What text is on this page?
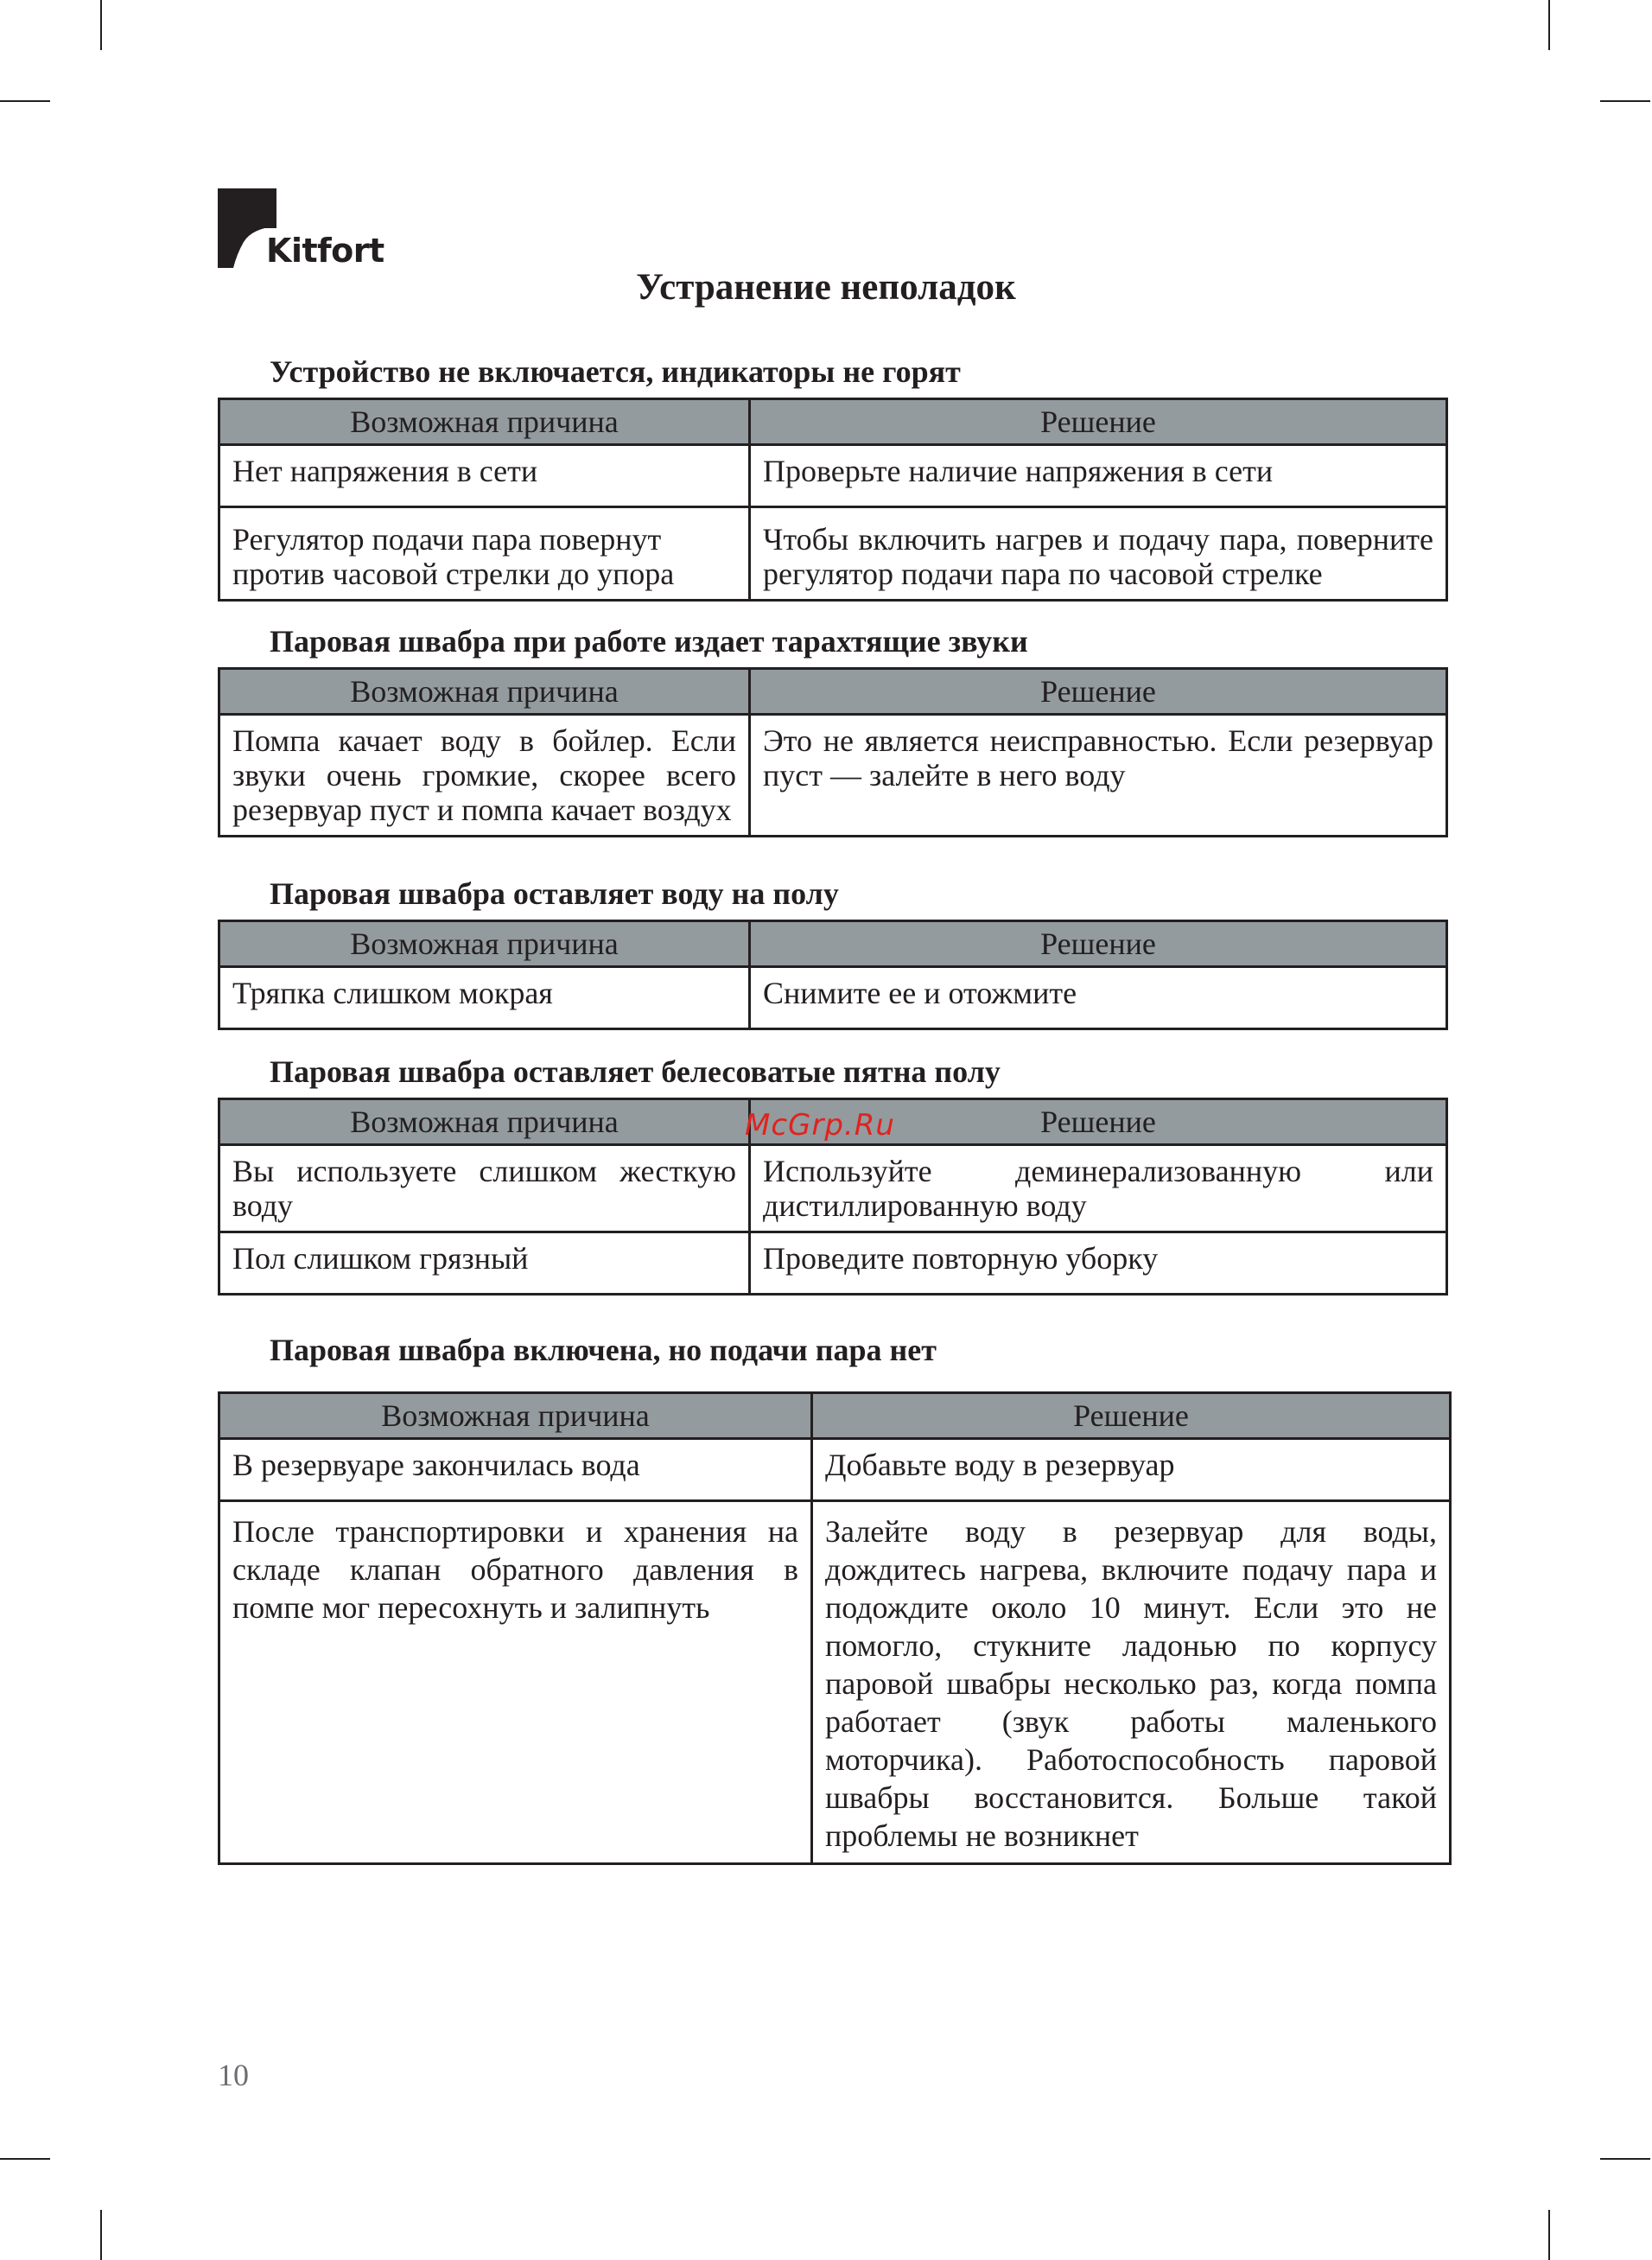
Kitfort
Устранение неполадок
Устройство не включается, индикаторы не горят
Возможная причина	Решение
Нет напряжения в сети	Проверьте наличие напряжения в сети
Регулятор подачи пара повернут против часовой стрелки до упора	Чтобы включить нагрев и подачу пара, поверните регулятор подачи пара по часовой стрелке
Паровая швабра при работе издает тарахтящие звуки
Возможная причина	Решение
Помпа качает воду в бойлер. Если звуки очень громкие, скорее всего резервуар пуст и помпа качает воздух	Это не является неисправностью. Если резервуар пуст — залейте в него воду
Паровая швабра оставляет воду на полу
Возможная причина	Решение
Тряпка слишком мокрая	Снимите ее и отожмите
Паровая швабра оставляет белесоватые пятна полу
Возможная причина	Решение
Вы используете слишком жесткую воду	Используйте деминерализованную или дистиллированную воду
Пол слишком грязный	Проведите повторную уборку
Паровая швабра включена, но подачи пара нет
Возможная причина	Решение
В резервуаре закончилась вода	Добавьте воду в резервуар
После транспортировки и хранения на складе клапан обратного давления в помпе мог пересохнуть и залипнуть	Залейте воду в резервуар для воды, дождитесь нагрева, включите подачу пара и подождите около 10 минут. Если это не помогло, стукните ладонью по корпусу паровой швабры несколько раз, когда помпа работает (звук работы маленького моторчика). Работоспособность паровой швабры восстановится. Больше такой проблемы не возникнет
McGrp.Ru
10
